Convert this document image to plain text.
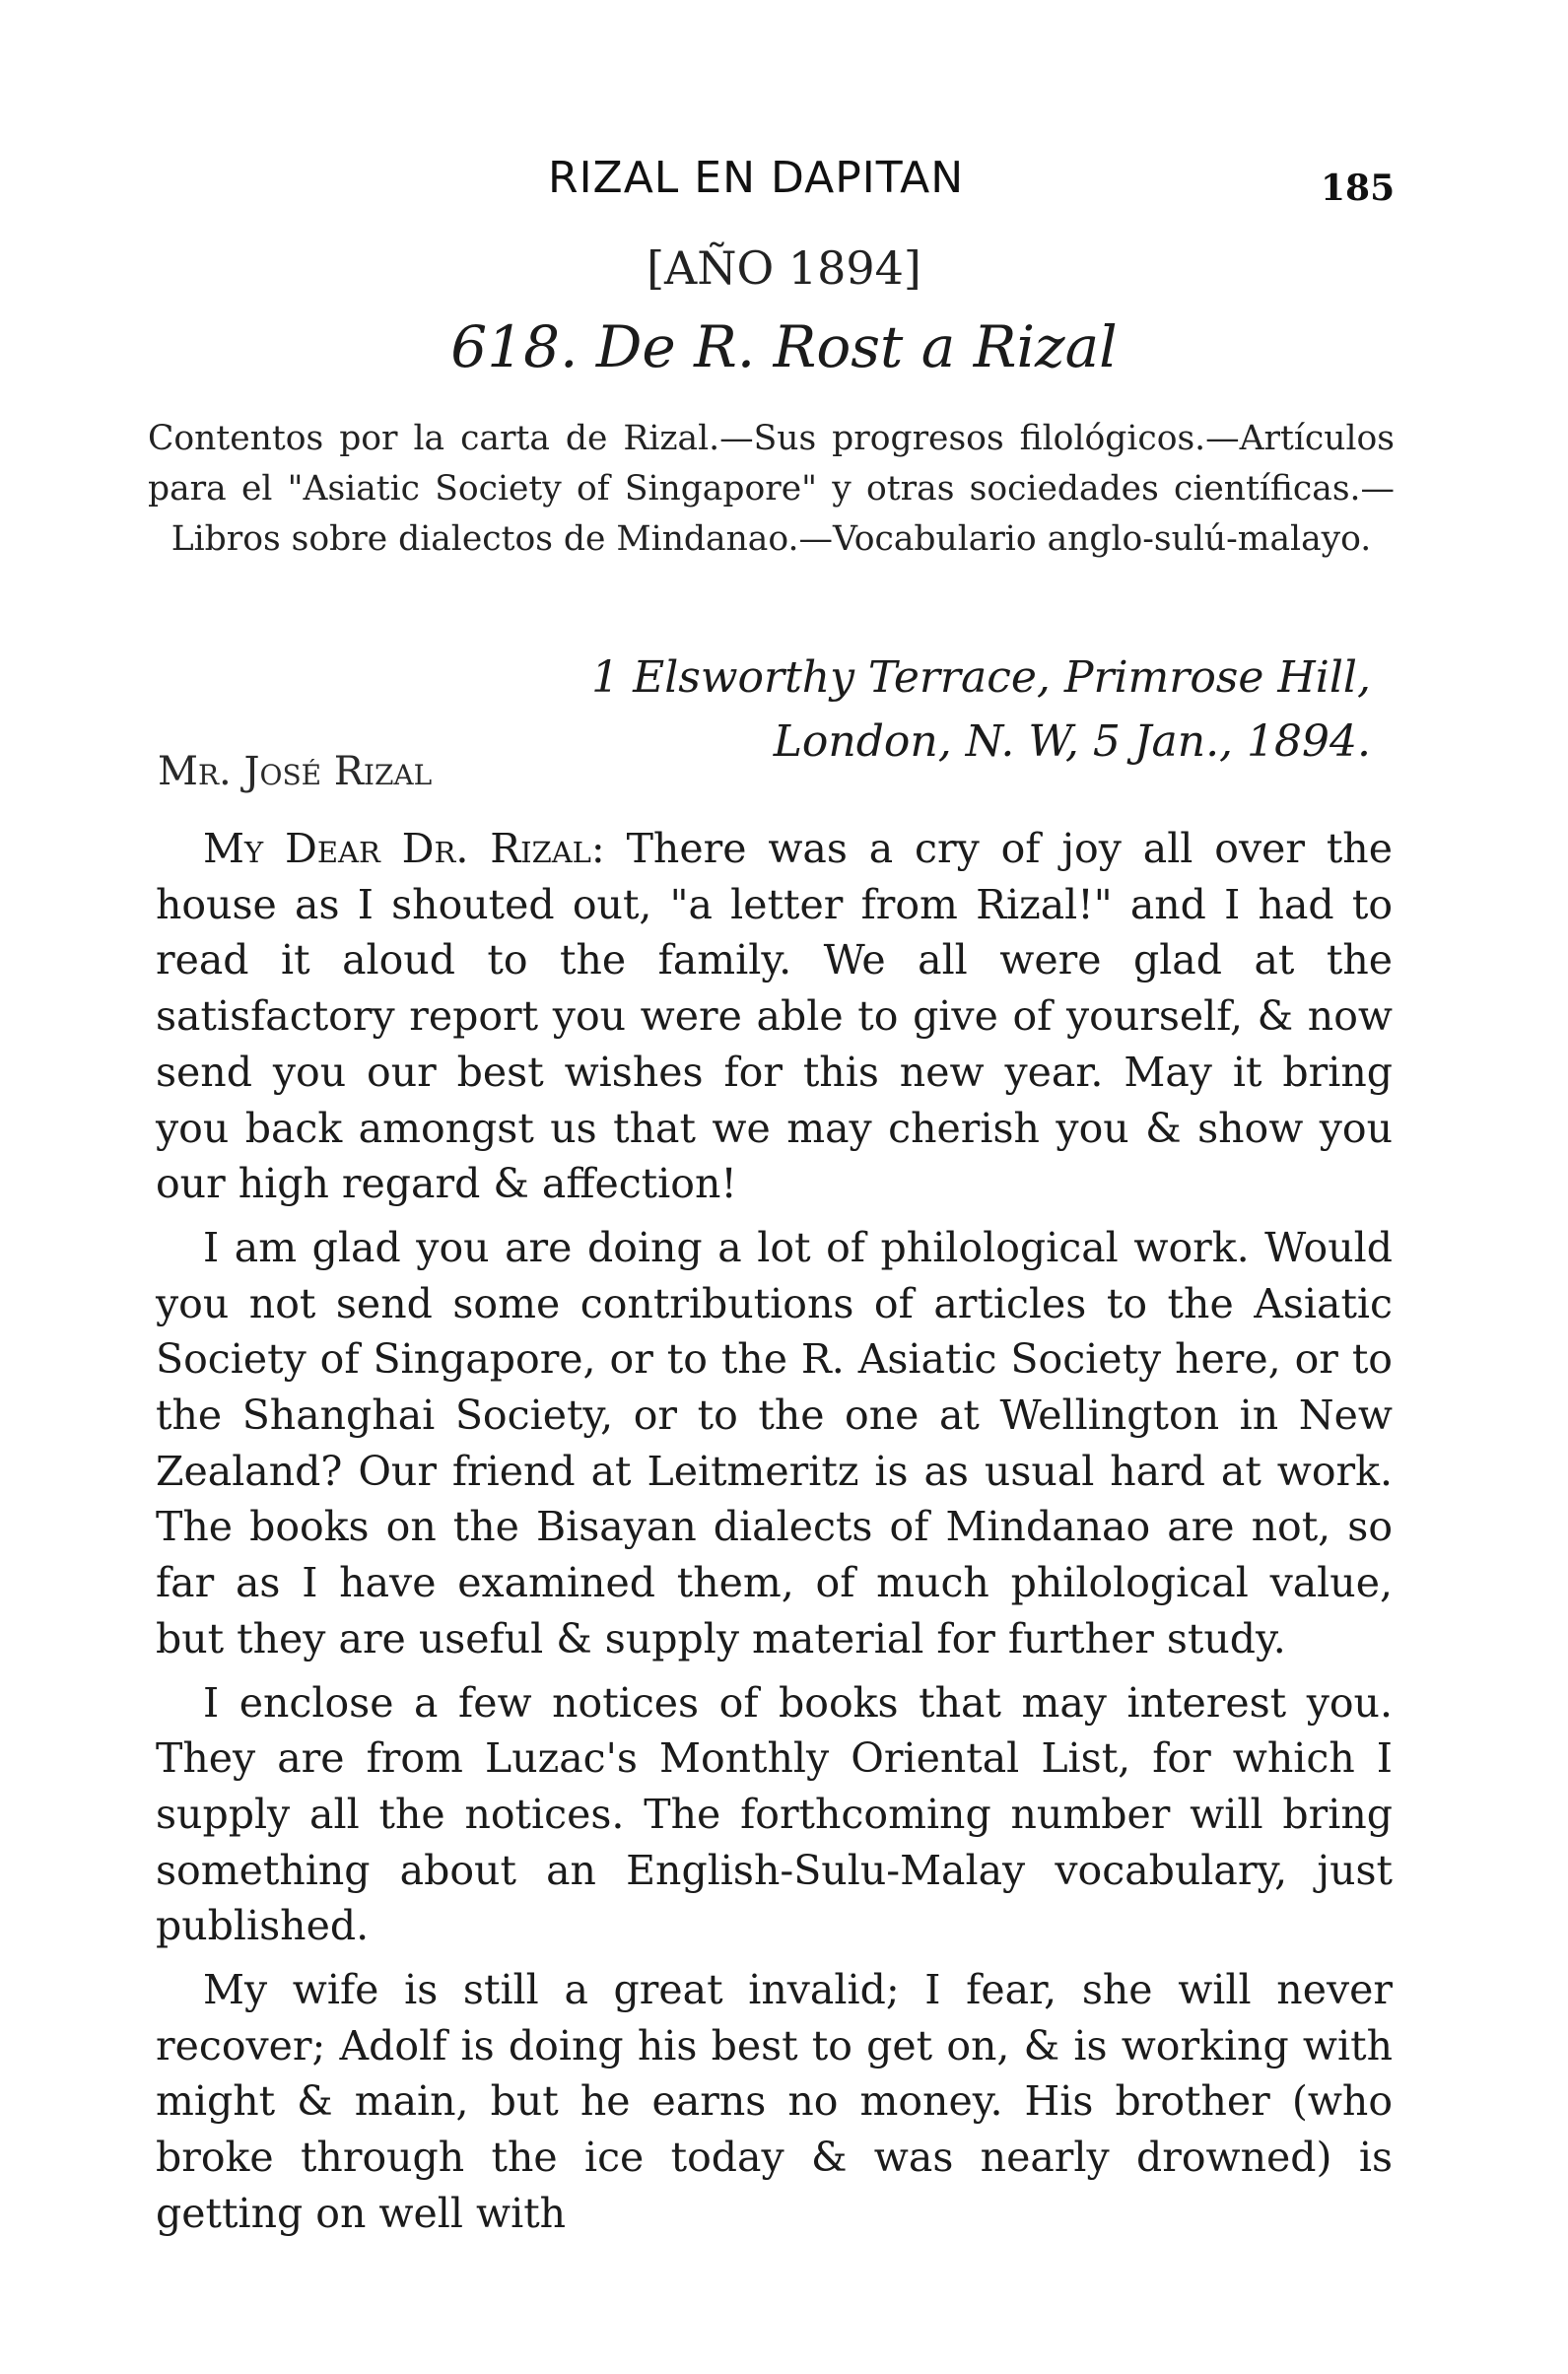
RIZAL EN DAPITAN	185
[AÑO 1894]
618. De R. Rost a Rizal
Contentos por la carta de Rizal.—Sus progresos filológicos.—Artículos para el "Asiatic Society of Singapore" y otras sociedades científicas.—Libros sobre dialectos de Mindanao.—Vocabulario anglo-sulú-malayo.
1 Elsworthy Terrace, Primrose Hill,
London, N. W, 5 Jan., 1894.
Mr. José Rizal

My Dear Dr. Rizal: There was a cry of joy all over the house as I shouted out, "a letter from Rizal!" and I had to read it aloud to the family. We all were glad at the satisfactory report you were able to give of yourself, & now send you our best wishes for this new year. May it bring you back amongst us that we may cherish you & show you our high regard & affection!

I am glad you are doing a lot of philological work. Would you not send some contributions of articles to the Asiatic Society of Singapore, or to the R. Asiatic Society here, or to the Shanghai Society, or to the one at Wellington in New Zealand? Our friend at Leitmeritz is as usual hard at work. The books on the Bisayan dialects of Mindanao are not, so far as I have examined them, of much philological value, but they are useful & supply material for further study.

I enclose a few notices of books that may interest you. They are from Luzac's Monthly Oriental List, for which I supply all the notices. The forthcoming number will bring something about an English-Sulu-Malay vocabulary, just published.

My wife is still a great invalid; I fear, she will never recover; Adolf is doing his best to get on, & is working with might & main, but he earns no money. His brother (who broke through the ice today & was nearly drowned) is getting on well with
